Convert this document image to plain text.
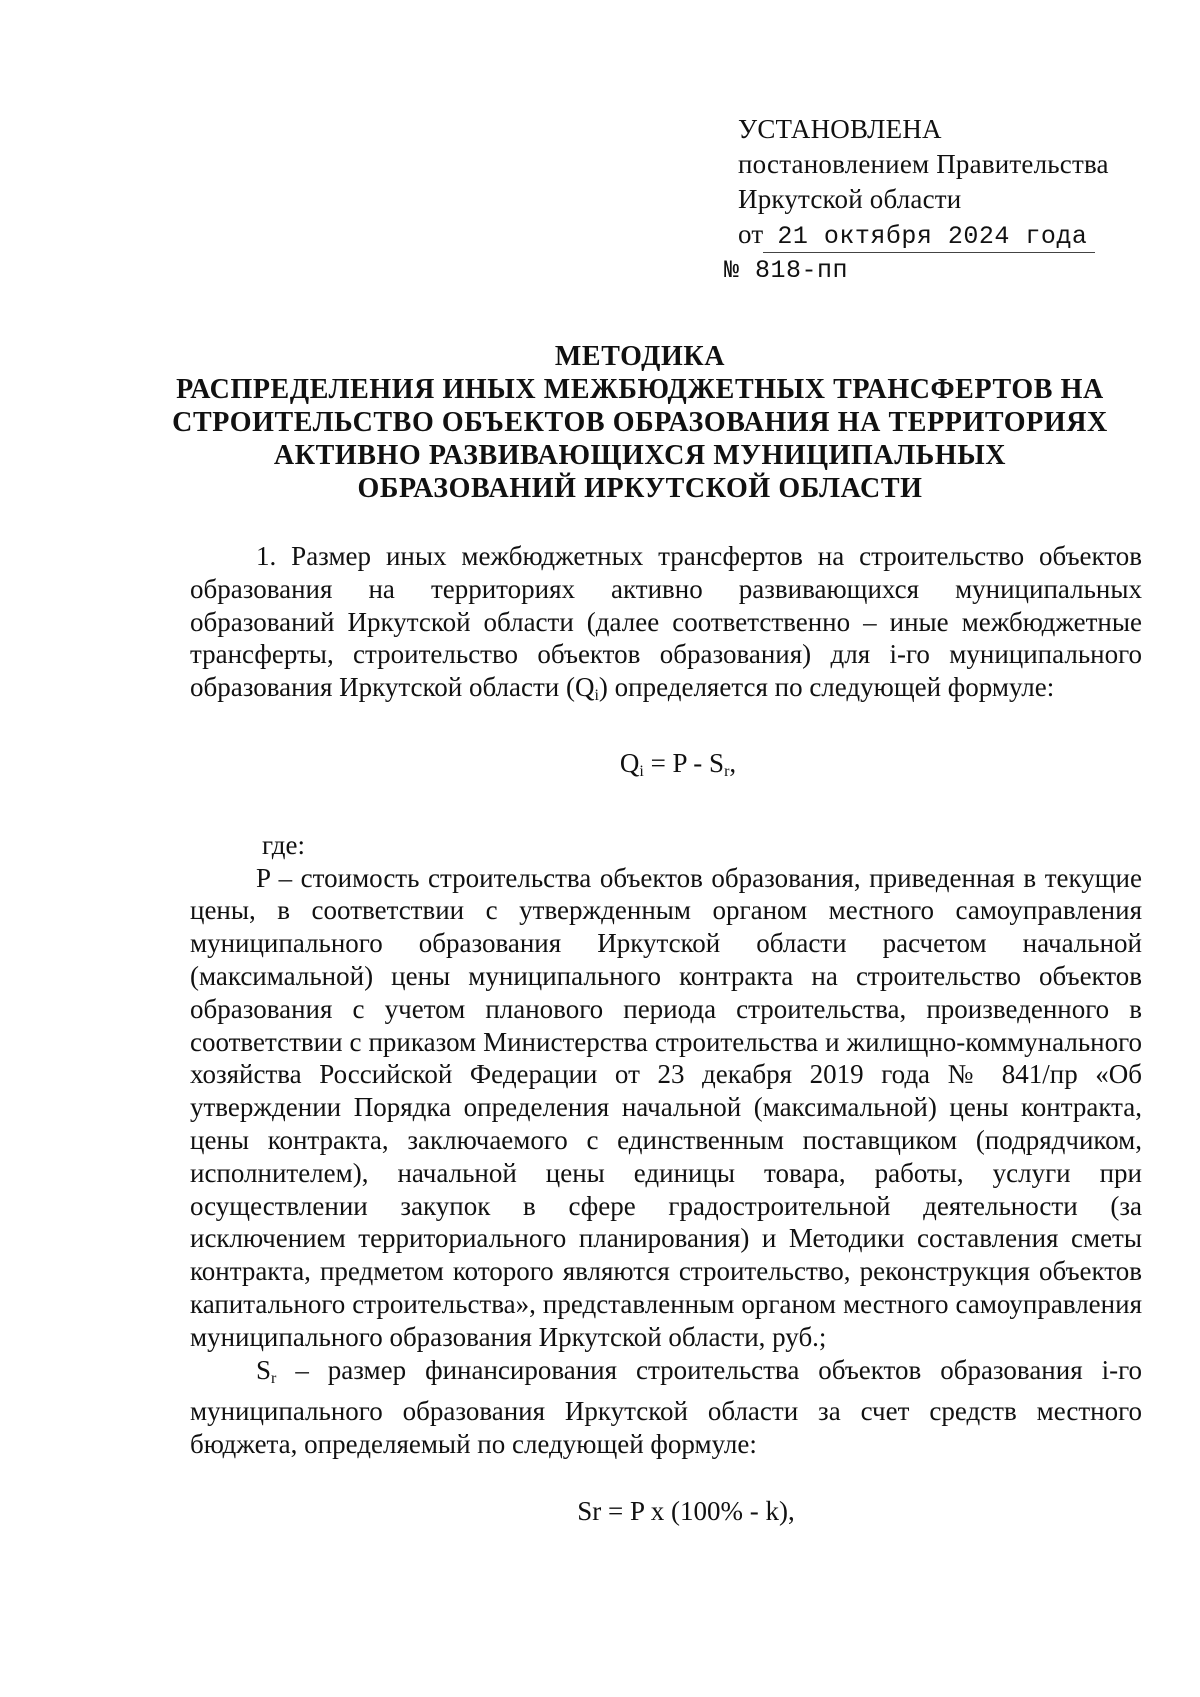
УСТАНОВЛЕНА
постановлением Правительства
Иркутской области
от 21 октября 2024 года
№ 818-пп
МЕТОДИКА
РАСПРЕДЕЛЕНИЯ ИНЫХ МЕЖБЮДЖЕТНЫХ ТРАНСФЕРТОВ НА
СТРОИТЕЛЬСТВО ОБЪЕКТОВ ОБРАЗОВАНИЯ НА ТЕРРИТОРИЯХ
АКТИВНО РАЗВИВАЮЩИХСЯ МУНИЦИПАЛЬНЫХ
ОБРАЗОВАНИЙ ИРКУТСКОЙ ОБЛАСТИ

1. Размер иных межбюджетных трансфертов на строительство объектов образования на территориях активно развивающихся муниципальных образований Иркутской области (далее соответственно – иные межбюджетные трансферты, строительство объектов образования) для i-го муниципального образования Иркутской области $(Q_i)$ определяется по следующей формуле:

$Q_i = P - S_r$,

где:

P – стоимость строительства объектов образования, приведенная в текущие цены, в соответствии с утвержденным органом местного самоуправления муниципального образования Иркутской области расчетом начальной (максимальной) цены муниципального контракта на строительство объектов образования с учетом планового периода строительства, произведенного в соответствии с приказом Министерства строительства и жилищно-коммунального хозяйства Российской Федерации от 23 декабря 2019 года № 841/пр «Об утверждении Порядка определения начальной (максимальной) цены контракта, цены контракта, заключаемого с единственным поставщиком (подрядчиком, исполнителем), начальной цены единицы товара, работы, услуги при осуществлении закупок в сфере градостроительной деятельности (за исключением территориального планирования) и Методики составления сметы контракта, предметом которого являются строительство, реконструкция объектов капитального строительства», представленным органом местного самоуправления муниципального образования Иркутской области, руб.;

$S_r$ – размер финансирования строительства объектов образования i-го муниципального образования Иркутской области за счет средств местного бюджета, определяемый по следующей формуле:

Sr = P x (100% - k),
